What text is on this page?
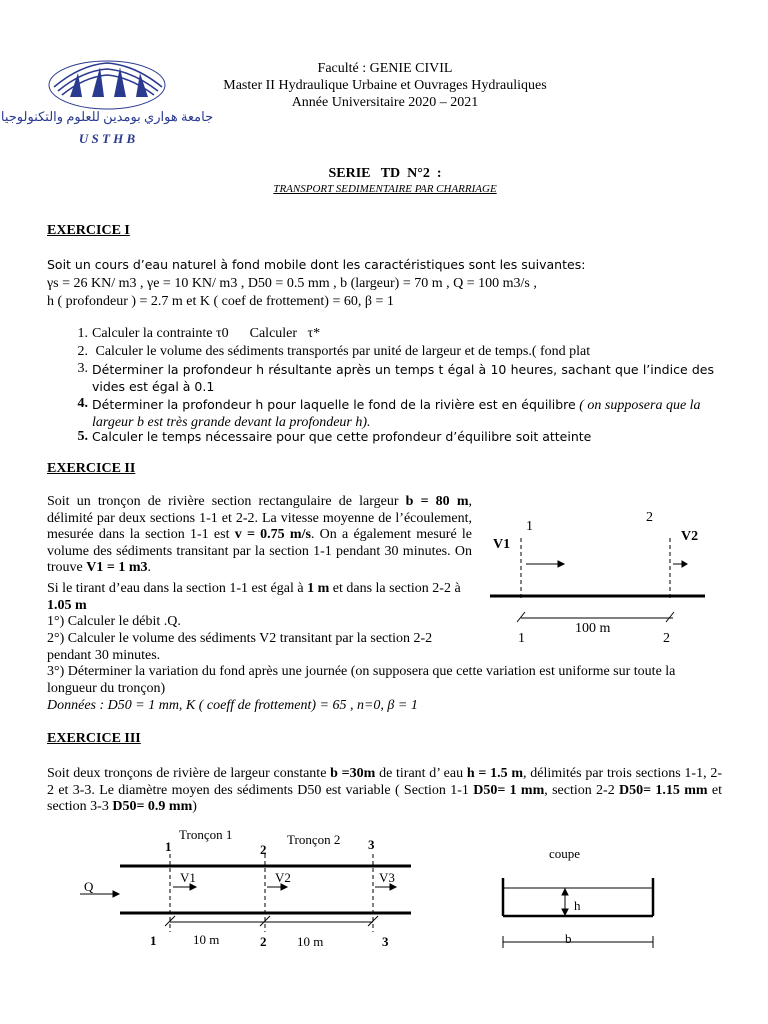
جامعة هواري بومدين للعلوم والتكنولوجيا
U S T H B
Faculté : GENIE CIVIL
Master II Hydraulique Urbaine et Ouvrages Hydrauliques
Année Universitaire 2020 – 2021
SERIE   TD  N°2  :
TRANSPORT SEDIMENTAIRE PAR CHARRIAGE
EXERCICE I
Soit un cours d’eau naturel à fond mobile dont les caractéristiques sont les suivantes:
γs = 26 KN/ m3 , γe = 10 KN/ m3 , D50 = 0.5 mm , b (largeur) = 70 m , Q = 100 m3/s ,
h ( profondeur ) = 2.7 m et K ( coef de frottement) = 60, β = 1
1. Calculer la contrainte τ0      Calculer   τ*
2. Calculer le volume des sédiments transportés par unité de largeur et de temps.( fond plat
3. Déterminer la profondeur h résultante après un temps t égal à 10 heures, sachant que l’indice des vides est égal à 0.1
4. Déterminer la profondeur h pour laquelle le fond de la rivière est en équilibre ( on supposera que la largeur b est très grande devant la profondeur h).
5. Calculer le temps nécessaire pour que cette profondeur d’équilibre soit atteinte
EXERCICE II
Soit un tronçon de rivière section rectangulaire de largeur b = 80 m, délimité par deux sections 1-1 et 2-2. La vitesse moyenne de l’écoulement, mesurée dans la section 1-1 est v = 0.75 m/s. On a également mesuré le volume des sédiments transitant par la section 1-1 pendant 30 minutes. On trouve V1 = 1 m3.
Si le tirant d’eau dans la section 1-1 est égal à 1 m et dans la section 2-2 à 1.05 m
1°) Calculer le débit .Q.
2°) Calculer le volume des sédiments V2 transitant par la section 2-2 pendant 30 minutes.
3°) Déterminer la variation du fond après une journée (on supposera que cette variation est uniforme sur toute la longueur du tronçon)
Données : D50 = 1 mm, K ( coeff de frottement) = 65 , n=0, β = 1
1
2
V1
V2
1	2
100 m
EXERCICE III
Soit deux tronçons de rivière de largeur constante b =30m de tirant d’ eau h = 1.5 m, délimités par trois sections 1-1, 2-2 et 3-3. Le diamètre moyen des sédiments D50 est variable ( Section 1-1 D50= 1 mm, section 2-2 D50= 1.15 mm et section 3-3 D50= 0.9 mm)
Tronçon 1	Tronçon 2
1	2	3
Q
V1	V2	V3
1	2	3
10 m	10 m
coupe
h
b
